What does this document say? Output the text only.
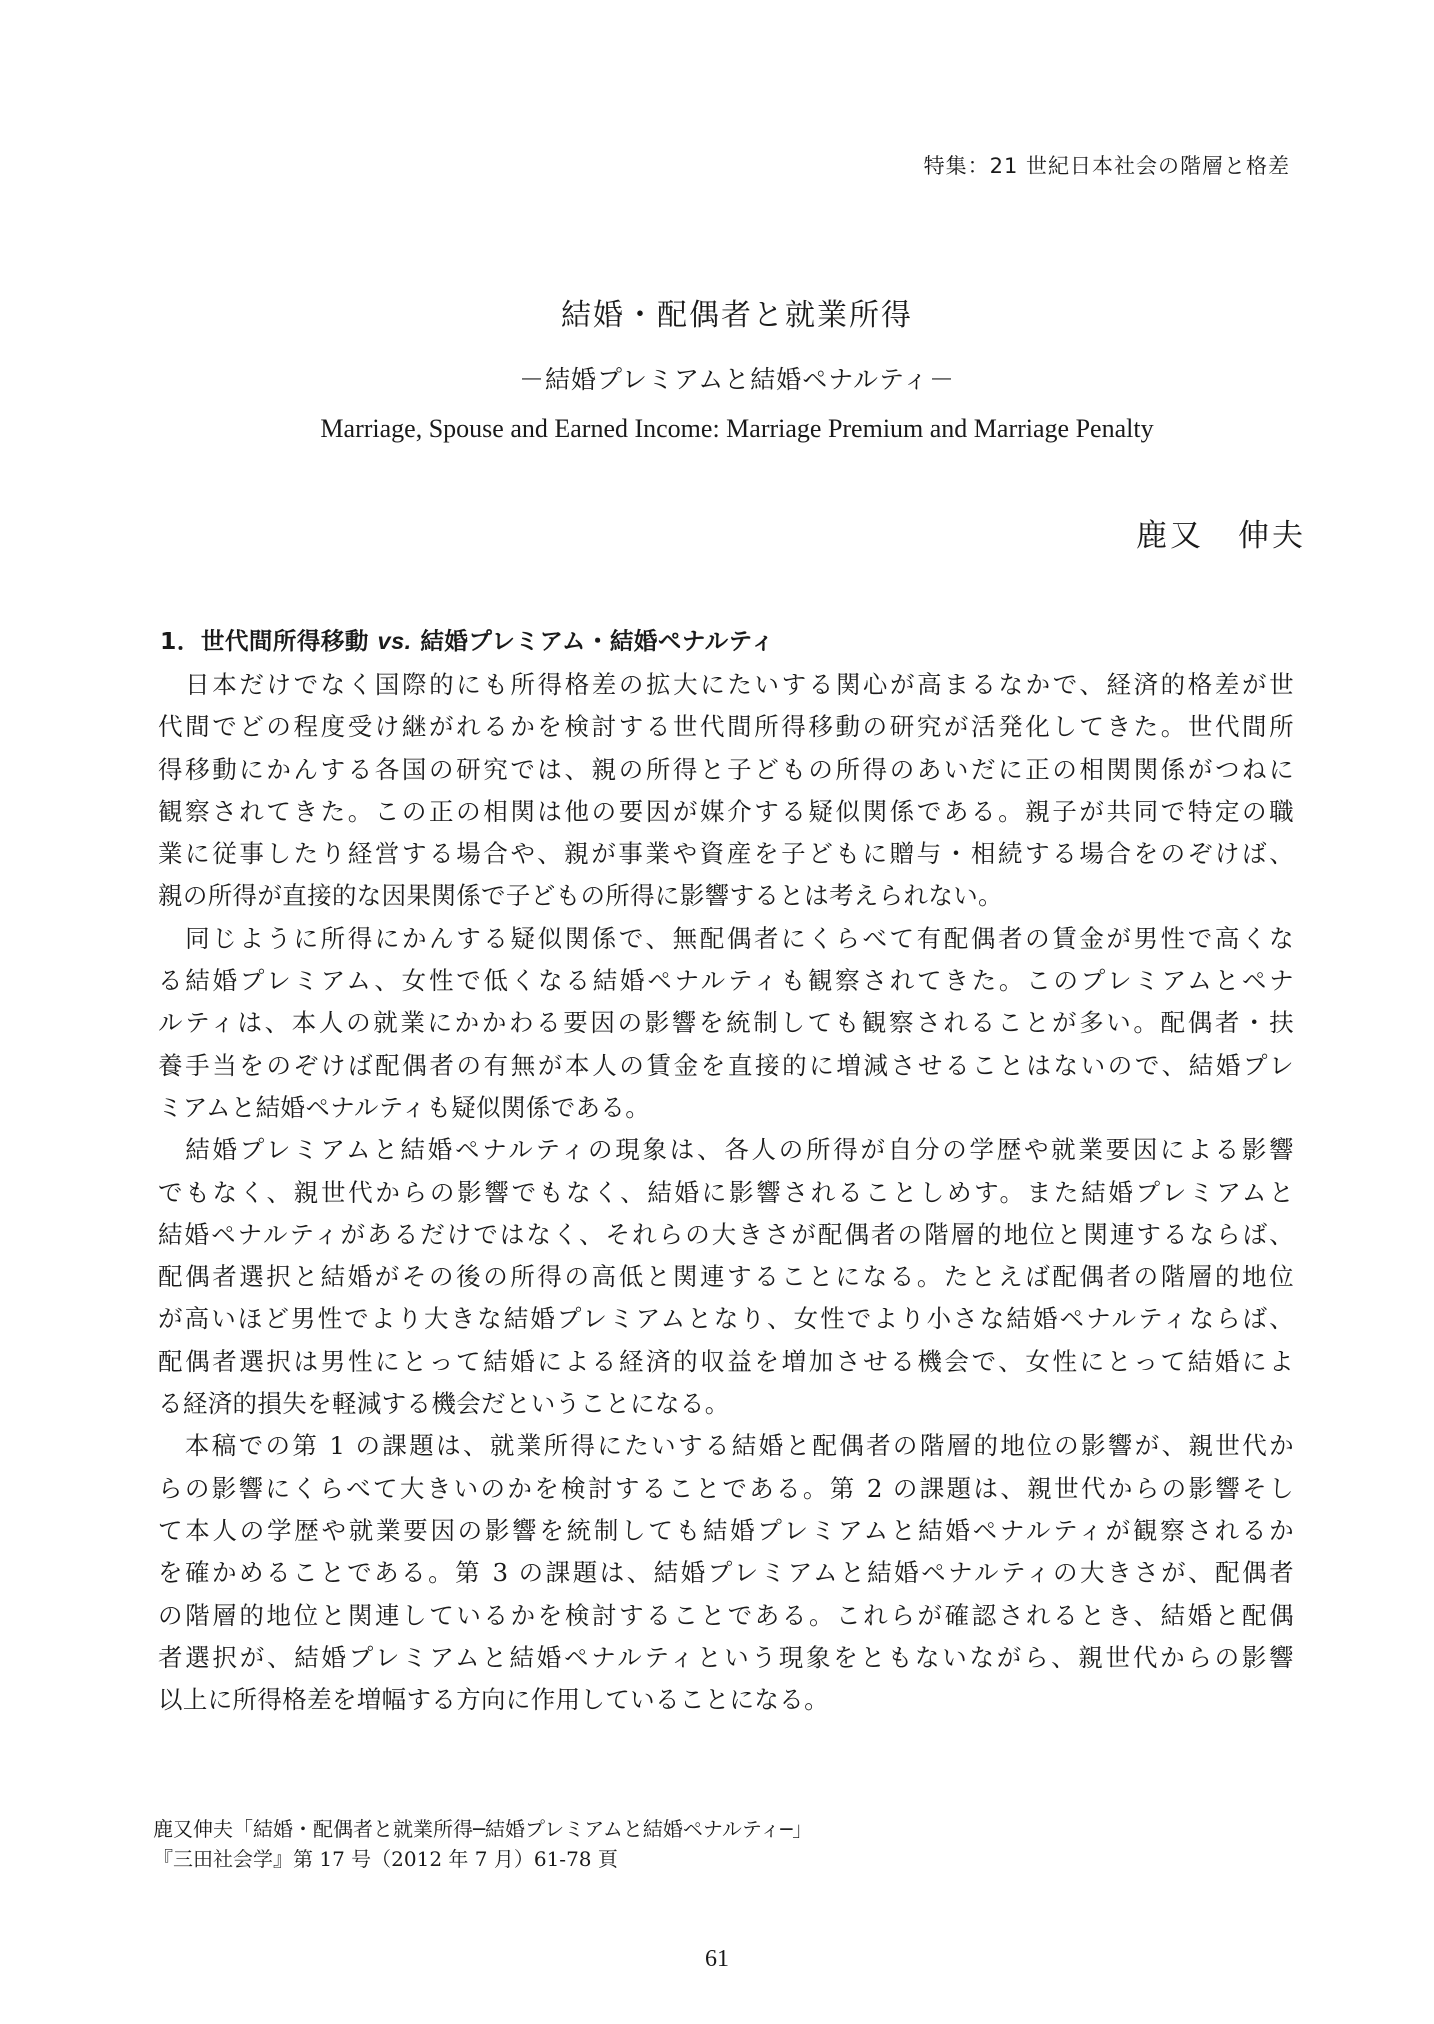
特集：21 世紀日本社会の階層と格差
結婚・配偶者と就業所得
－結婚プレミアムと結婚ペナルティ－
Marriage, Spouse and Earned Income: Marriage Premium and Marriage Penalty
鹿又 伸夫
1．世代間所得移動 vs. 結婚プレミアム・結婚ペナルティ

　日本だけでなく国際的にも所得格差の拡大にたいする関心が高まるなかで、経済的格差が世

代間でどの程度受け継がれるかを検討する世代間所得移動の研究が活発化してきた。世代間所

得移動にかんする各国の研究では、親の所得と子どもの所得のあいだに正の相関関係がつねに

観察されてきた。この正の相関は他の要因が媒介する疑似関係である。親子が共同で特定の職

業に従事したり経営する場合や、親が事業や資産を子どもに贈与・相続する場合をのぞけば、

親の所得が直接的な因果関係で子どもの所得に影響するとは考えられない。

　同じように所得にかんする疑似関係で、無配偶者にくらべて有配偶者の賃金が男性で高くな

る結婚プレミアム、女性で低くなる結婚ペナルティも観察されてきた。このプレミアムとペナ

ルティは、本人の就業にかかわる要因の影響を統制しても観察されることが多い。配偶者・扶

養手当をのぞけば配偶者の有無が本人の賃金を直接的に増減させることはないので、結婚プレ

ミアムと結婚ペナルティも疑似関係である。

　結婚プレミアムと結婚ペナルティの現象は、各人の所得が自分の学歴や就業要因による影響

でもなく、親世代からの影響でもなく、結婚に影響されることしめす。また結婚プレミアムと

結婚ペナルティがあるだけではなく、それらの大きさが配偶者の階層的地位と関連するならば、

配偶者選択と結婚がその後の所得の高低と関連することになる。たとえば配偶者の階層的地位

が高いほど男性でより大きな結婚プレミアムとなり、女性でより小さな結婚ペナルティならば、

配偶者選択は男性にとって結婚による経済的収益を増加させる機会で、女性にとって結婚によ

る経済的損失を軽減する機会だということになる。

　本稿での第 1 の課題は、就業所得にたいする結婚と配偶者の階層的地位の影響が、親世代か

らの影響にくらべて大きいのかを検討することである。第 2 の課題は、親世代からの影響そし

て本人の学歴や就業要因の影響を統制しても結婚プレミアムと結婚ペナルティが観察されるか

を確かめることである。第 3 の課題は、結婚プレミアムと結婚ペナルティの大きさが、配偶者

の階層的地位と関連しているかを検討することである。これらが確認されるとき、結婚と配偶

者選択が、結婚プレミアムと結婚ペナルティという現象をともないながら、親世代からの影響

以上に所得格差を増幅する方向に作用していることになる。

鹿又伸夫「結婚・配偶者と就業所得─結婚プレミアムと結婚ペナルティ─」
『三田社会学』第 17 号（2012 年 7 月）61-78 頁
61
